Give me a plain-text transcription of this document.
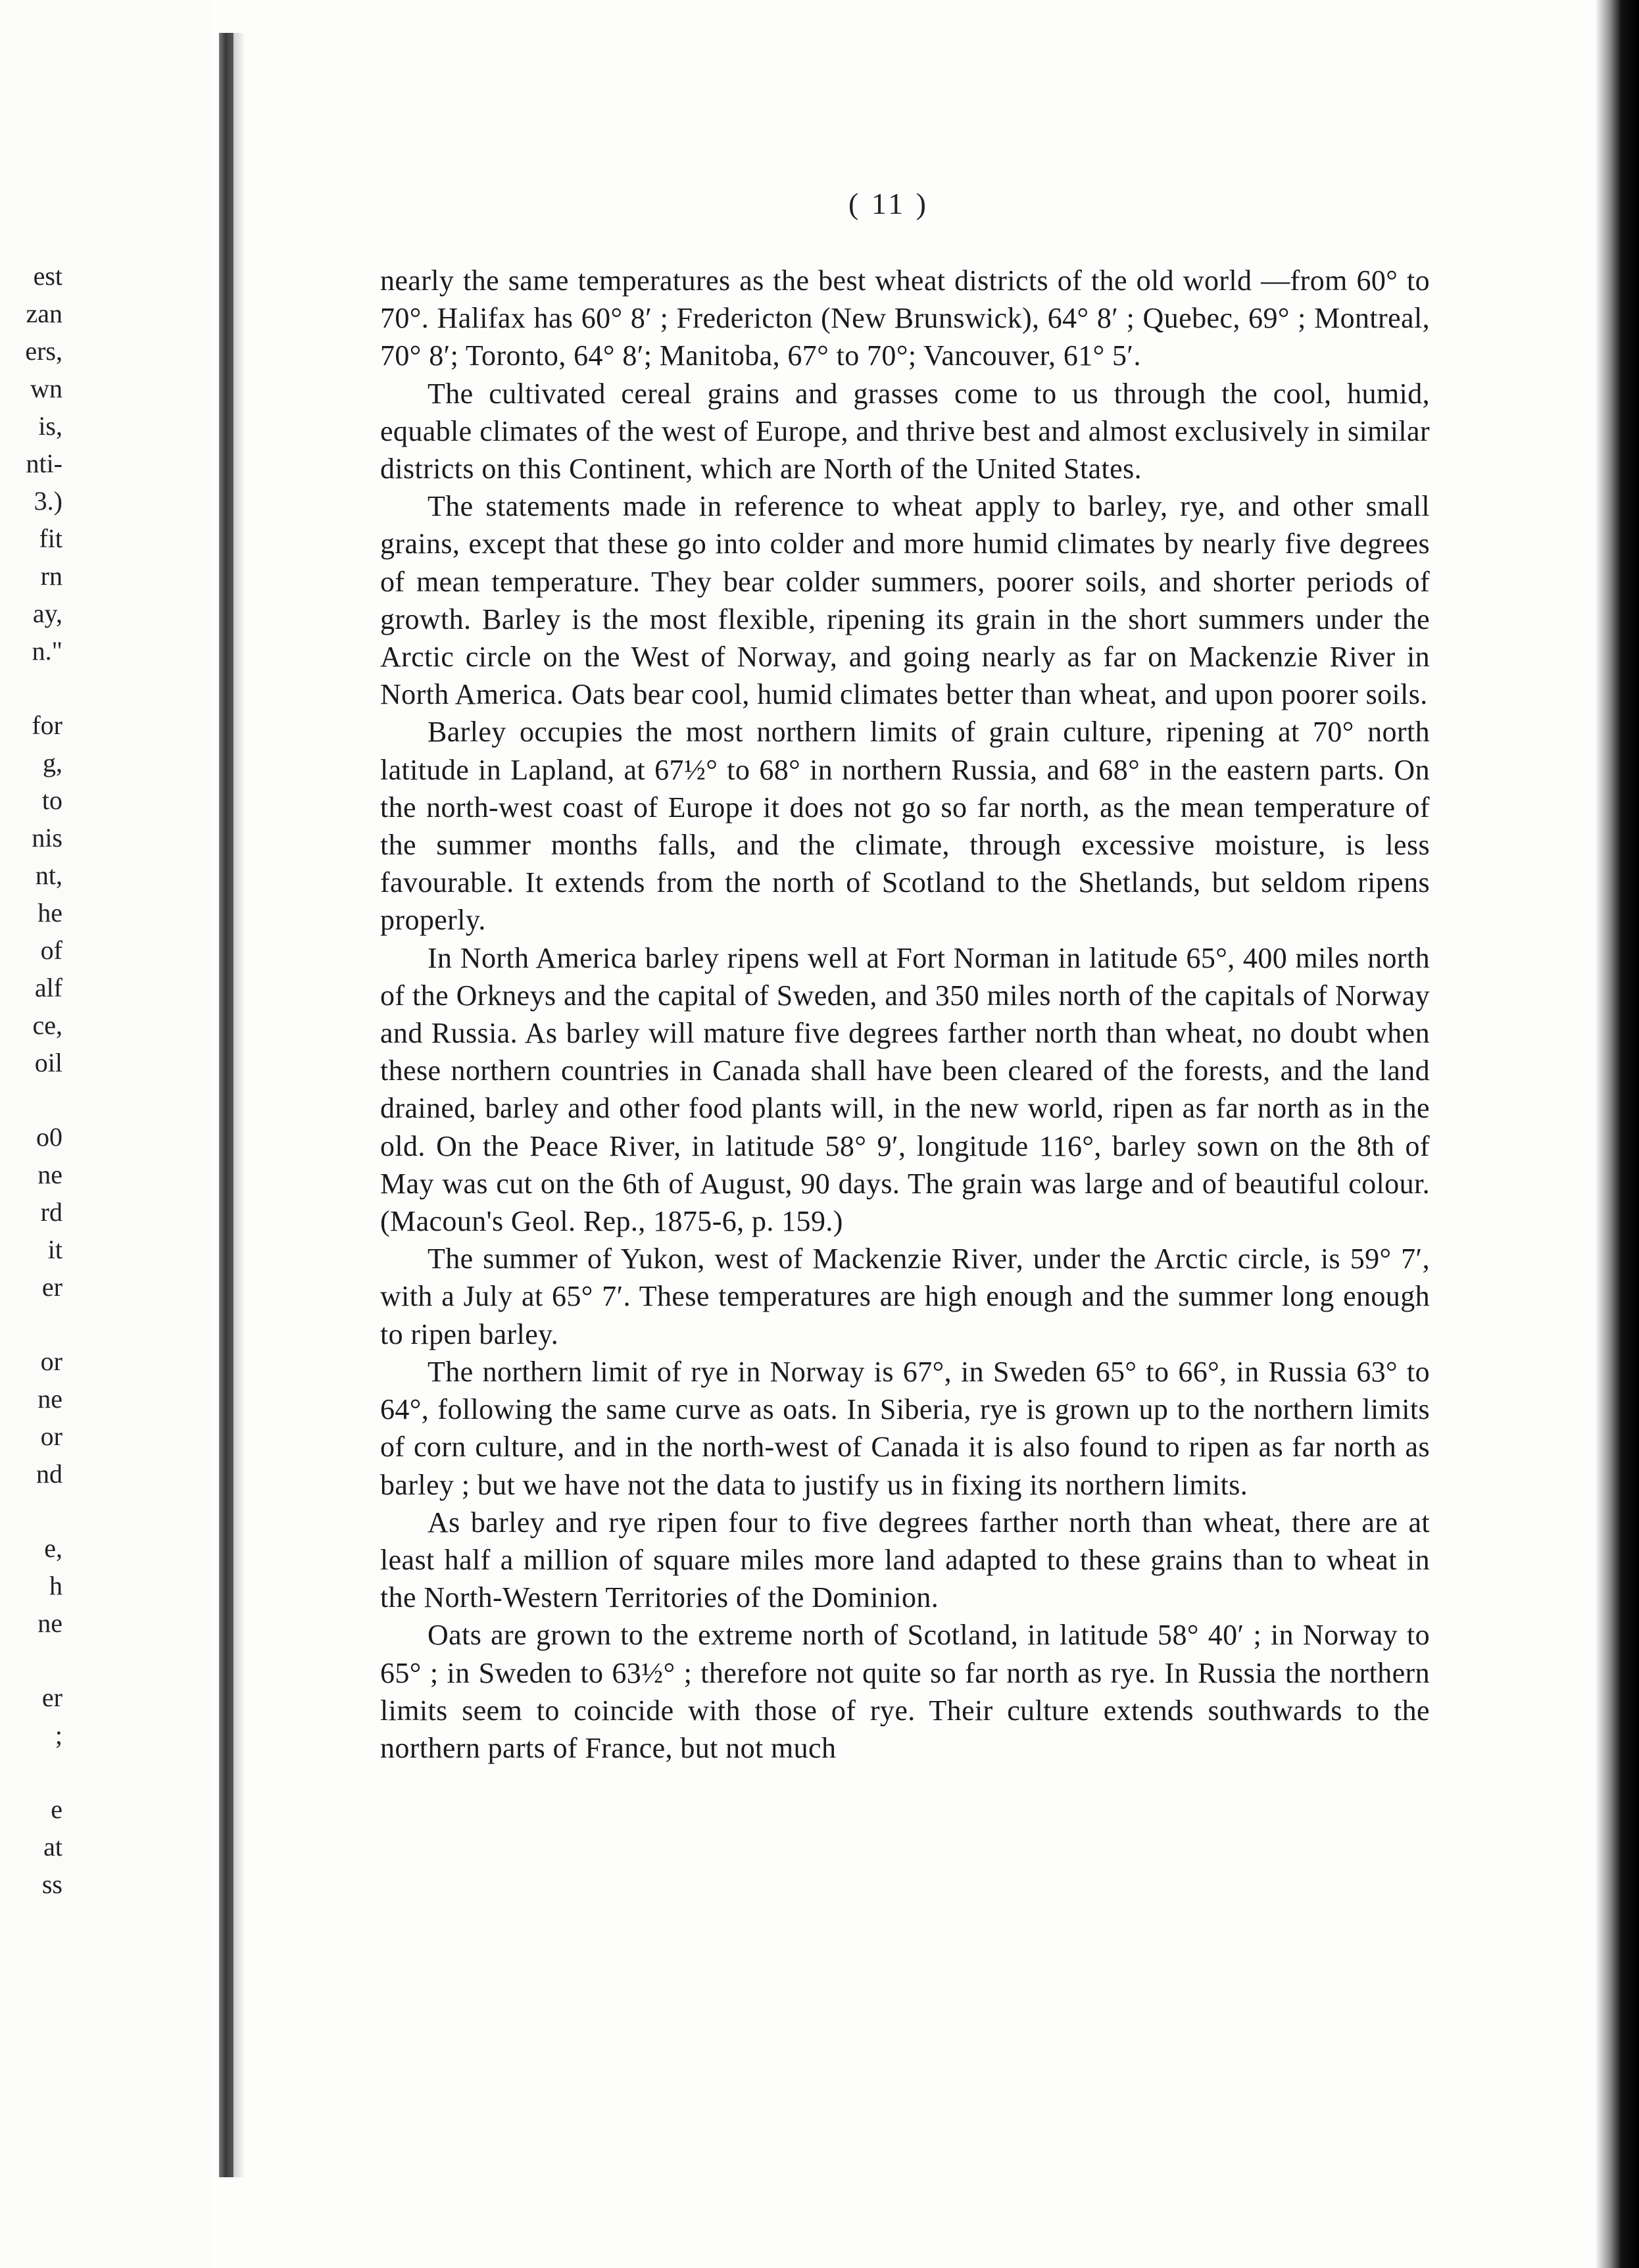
est
zan
ers,
wn
is,
nti-
3.)
fit
rn
ay,
n."
for
g,
to
nis
nt,
he
of
alf
ce,
oil
o0
ne
rd
it
er
or
ne
or
nd
e,
h
ne
er
;
e
at
ss
( 11 )

nearly the same temperatures as the best wheat districts of the old world —from 60° to 70°. Halifax has 60° 8′ ; Fredericton (New Brunswick), 64° 8′ ; Quebec, 69° ; Montreal, 70° 8′; Toronto, 64° 8′; Manitoba, 67° to 70°; Vancouver, 61° 5′.

The cultivated cereal grains and grasses come to us through the cool, humid, equable climates of the west of Europe, and thrive best and almost exclusively in similar districts on this Continent, which are North of the United States.

The statements made in reference to wheat apply to barley, rye, and other small grains, except that these go into colder and more humid climates by nearly five degrees of mean temperature. They bear colder summers, poorer soils, and shorter periods of growth. Barley is the most flexible, ripening its grain in the short summers under the Arctic circle on the West of Norway, and going nearly as far on Mackenzie River in North America. Oats bear cool, humid climates better than wheat, and upon poorer soils.

Barley occupies the most northern limits of grain culture, ripening at 70° north latitude in Lapland, at 67½° to 68° in northern Russia, and 68° in the eastern parts. On the north-west coast of Europe it does not go so far north, as the mean temperature of the summer months falls, and the climate, through excessive moisture, is less favourable. It extends from the north of Scotland to the Shetlands, but seldom ripens properly.

In North America barley ripens well at Fort Norman in latitude 65°, 400 miles north of the Orkneys and the capital of Sweden, and 350 miles north of the capitals of Norway and Russia. As barley will mature five degrees farther north than wheat, no doubt when these northern countries in Canada shall have been cleared of the forests, and the land drained, barley and other food plants will, in the new world, ripen as far north as in the old. On the Peace River, in latitude 58° 9′, longitude 116°, barley sown on the 8th of May was cut on the 6th of August, 90 days. The grain was large and of beautiful colour. (Macoun's Geol. Rep., 1875-6, p. 159.)

The summer of Yukon, west of Mackenzie River, under the Arctic circle, is 59° 7′, with a July at 65° 7′. These temperatures are high enough and the summer long enough to ripen barley.

The northern limit of rye in Norway is 67°, in Sweden 65° to 66°, in Russia 63° to 64°, following the same curve as oats. In Siberia, rye is grown up to the northern limits of corn culture, and in the north-west of Canada it is also found to ripen as far north as barley ; but we have not the data to justify us in fixing its northern limits.

As barley and rye ripen four to five degrees farther north than wheat, there are at least half a million of square miles more land adapted to these grains than to wheat in the North-Western Territories of the Dominion.

Oats are grown to the extreme north of Scotland, in latitude 58° 40′ ; in Norway to 65° ; in Sweden to 63½° ; therefore not quite so far north as rye. In Russia the northern limits seem to coincide with those of rye. Their culture extends southwards to the northern parts of France, but not much
